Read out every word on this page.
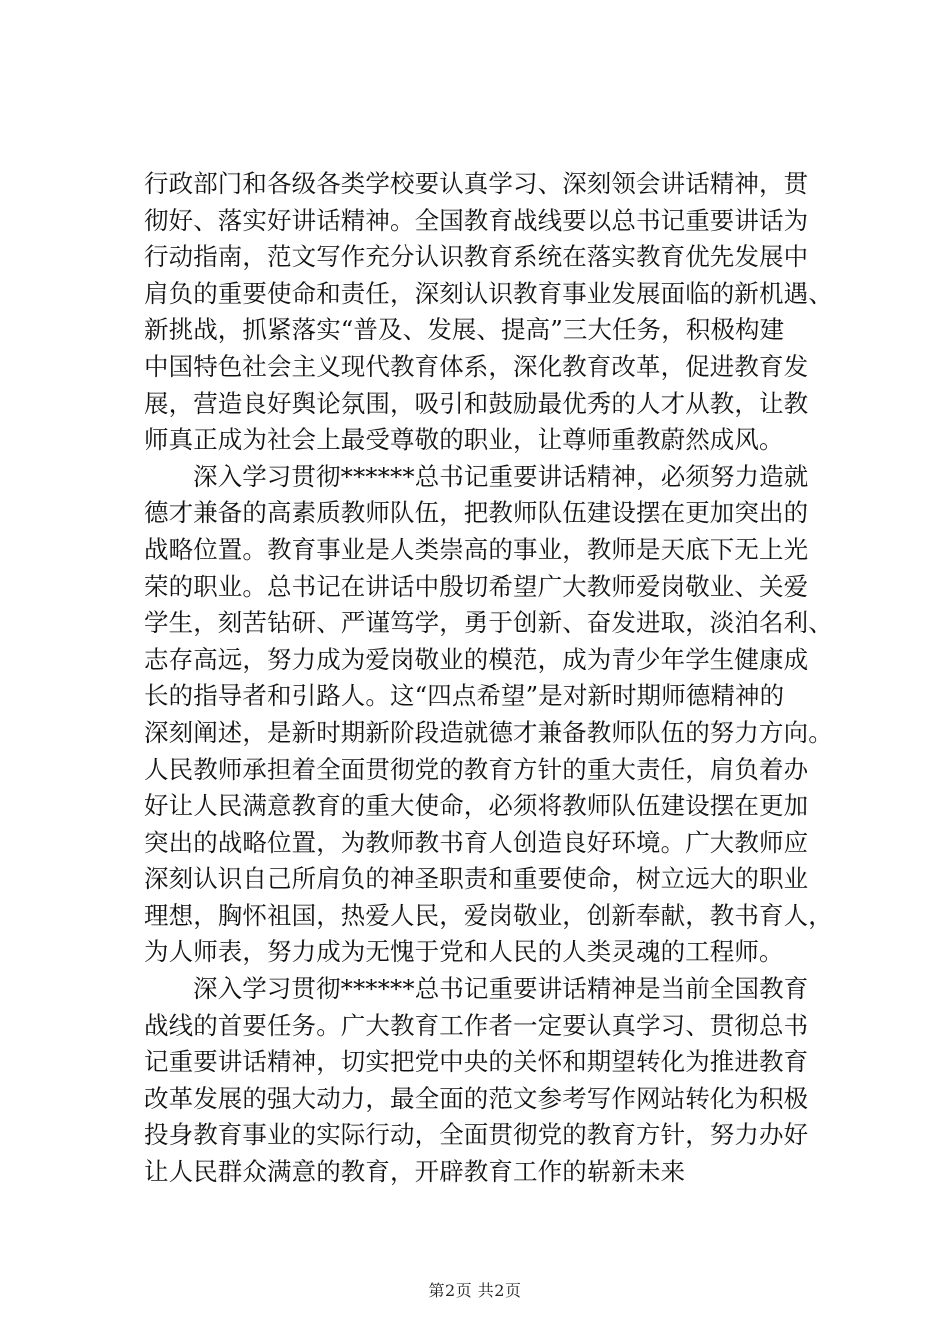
行政部门和各级各类学校要认真学习、深刻领会讲话精神，贯
彻好、落实好讲话精神。全国教育战线要以总书记重要讲话为
行动指南，范文写作充分认识教育系统在落实教育优先发展中
肩负的重要使命和责任，深刻认识教育事业发展面临的新机遇、
新挑战，抓紧落实“普及、发展、提高”三大任务，积极构建
中国特色社会主义现代教育体系，深化教育改革，促进教育发
展，营造良好舆论氛围，吸引和鼓励最优秀的人才从教，让教
师真正成为社会上最受尊敬的职业，让尊师重教蔚然成风。
深入学习贯彻******总书记重要讲话精神，必须努力造就
德才兼备的高素质教师队伍，把教师队伍建设摆在更加突出的
战略位置。教育事业是人类崇高的事业，教师是天底下无上光
荣的职业。总书记在讲话中殷切希望广大教师爱岗敬业、关爱
学生，刻苦钻研、严谨笃学，勇于创新、奋发进取，淡泊名利、
志存高远，努力成为爱岗敬业的模范，成为青少年学生健康成
长的指导者和引路人。这“四点希望”是对新时期师德精神的
深刻阐述，是新时期新阶段造就德才兼备教师队伍的努力方向。
人民教师承担着全面贯彻党的教育方针的重大责任，肩负着办
好让人民满意教育的重大使命，必须将教师队伍建设摆在更加
突出的战略位置，为教师教书育人创造良好环境。广大教师应
深刻认识自己所肩负的神圣职责和重要使命，树立远大的职业
理想，胸怀祖国，热爱人民，爱岗敬业，创新奉献，教书育人，
为人师表，努力成为无愧于党和人民的人类灵魂的工程师。
深入学习贯彻******总书记重要讲话精神是当前全国教育
战线的首要任务。广大教育工作者一定要认真学习、贯彻总书
记重要讲话精神，切实把党中央的关怀和期望转化为推进教育
改革发展的强大动力，最全面的范文参考写作网站转化为积极
投身教育事业的实际行动，全面贯彻党的教育方针，努力办好
让人民群众满意的教育，开辟教育工作的崭新未来
第2页 共2页
